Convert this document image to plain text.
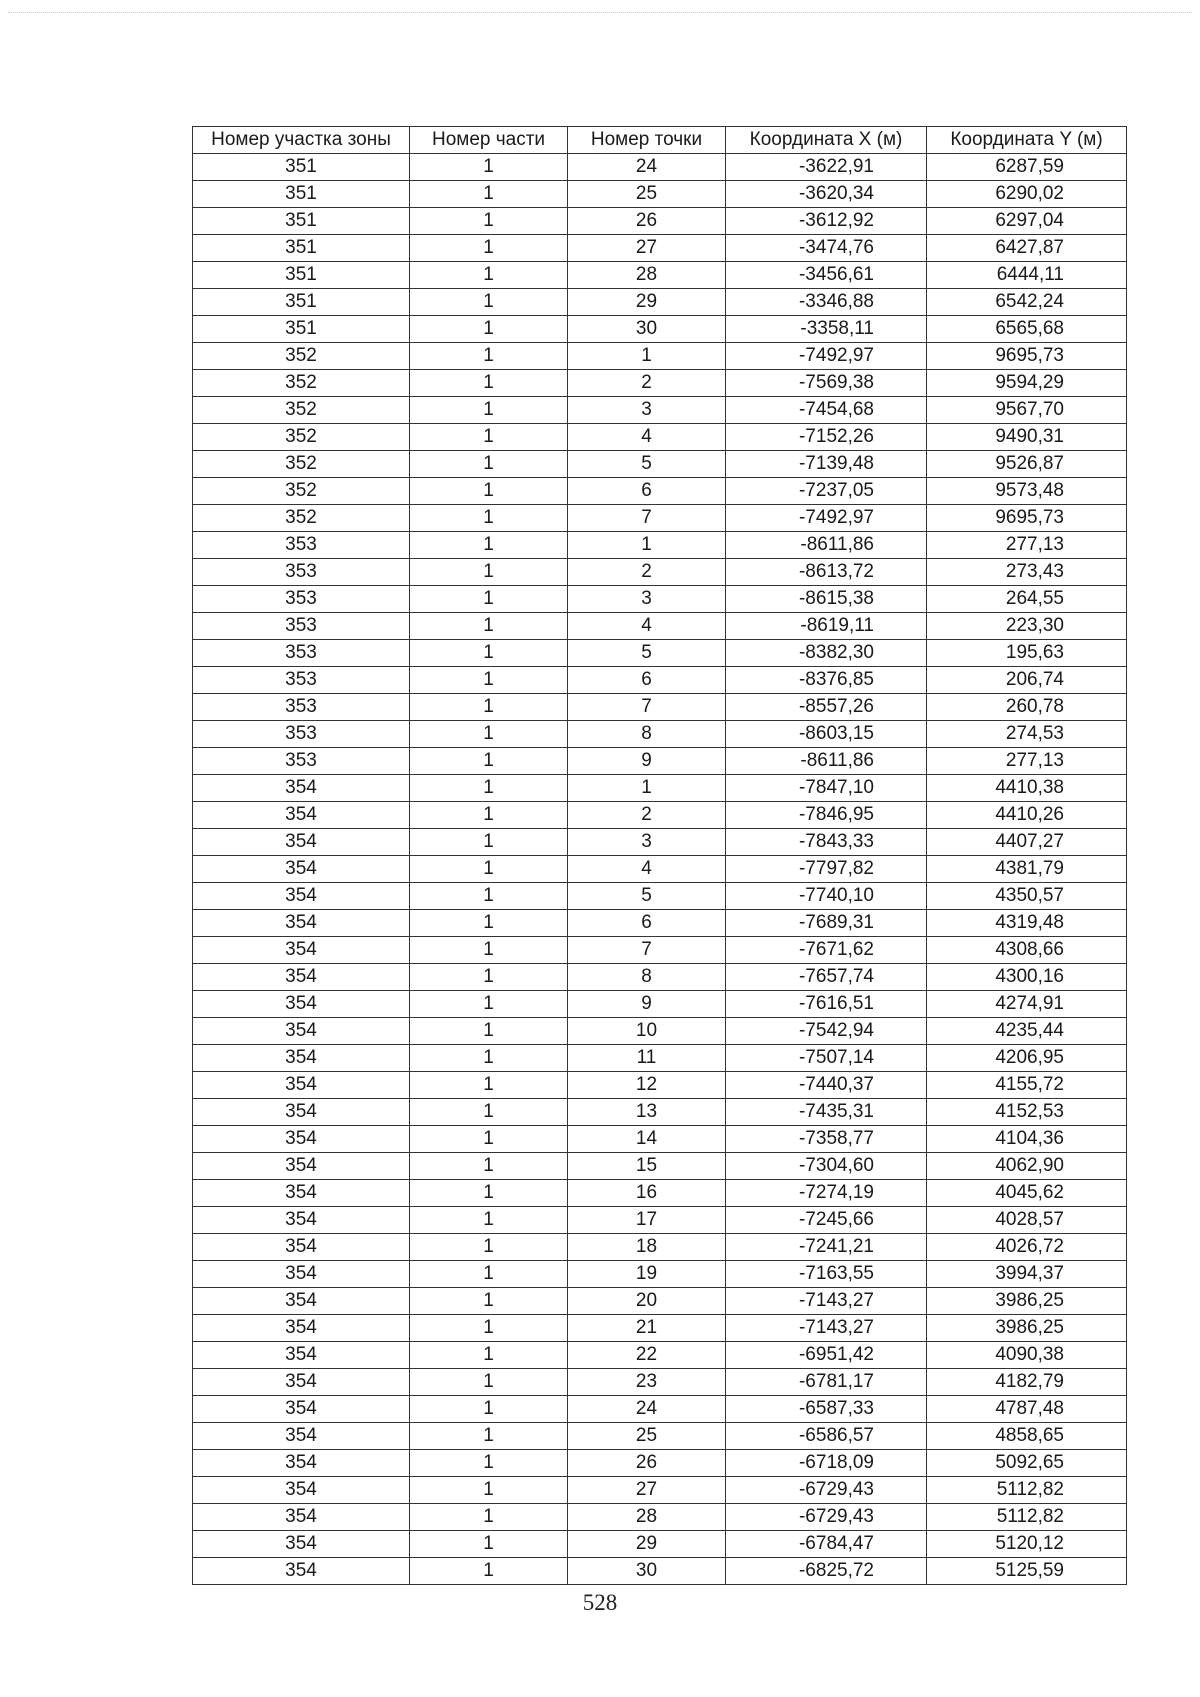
Номер участка зоны	Номер части	Номер точки	Координата X (м)	Координата Y (м)
351	1	24	-3622,91	6287,59
351	1	25	-3620,34	6290,02
351	1	26	-3612,92	6297,04
351	1	27	-3474,76	6427,87
351	1	28	-3456,61	6444,11
351	1	29	-3346,88	6542,24
351	1	30	-3358,11	6565,68
352	1	1	-7492,97	9695,73
352	1	2	-7569,38	9594,29
352	1	3	-7454,68	9567,70
352	1	4	-7152,26	9490,31
352	1	5	-7139,48	9526,87
352	1	6	-7237,05	9573,48
352	1	7	-7492,97	9695,73
353	1	1	-8611,86	277,13
353	1	2	-8613,72	273,43
353	1	3	-8615,38	264,55
353	1	4	-8619,11	223,30
353	1	5	-8382,30	195,63
353	1	6	-8376,85	206,74
353	1	7	-8557,26	260,78
353	1	8	-8603,15	274,53
353	1	9	-8611,86	277,13
354	1	1	-7847,10	4410,38
354	1	2	-7846,95	4410,26
354	1	3	-7843,33	4407,27
354	1	4	-7797,82	4381,79
354	1	5	-7740,10	4350,57
354	1	6	-7689,31	4319,48
354	1	7	-7671,62	4308,66
354	1	8	-7657,74	4300,16
354	1	9	-7616,51	4274,91
354	1	10	-7542,94	4235,44
354	1	11	-7507,14	4206,95
354	1	12	-7440,37	4155,72
354	1	13	-7435,31	4152,53
354	1	14	-7358,77	4104,36
354	1	15	-7304,60	4062,90
354	1	16	-7274,19	4045,62
354	1	17	-7245,66	4028,57
354	1	18	-7241,21	4026,72
354	1	19	-7163,55	3994,37
354	1	20	-7143,27	3986,25
354	1	21	-7143,27	3986,25
354	1	22	-6951,42	4090,38
354	1	23	-6781,17	4182,79
354	1	24	-6587,33	4787,48
354	1	25	-6586,57	4858,65
354	1	26	-6718,09	5092,65
354	1	27	-6729,43	5112,82
354	1	28	-6729,43	5112,82
354	1	29	-6784,47	5120,12
354	1	30	-6825,72	5125,59
528
